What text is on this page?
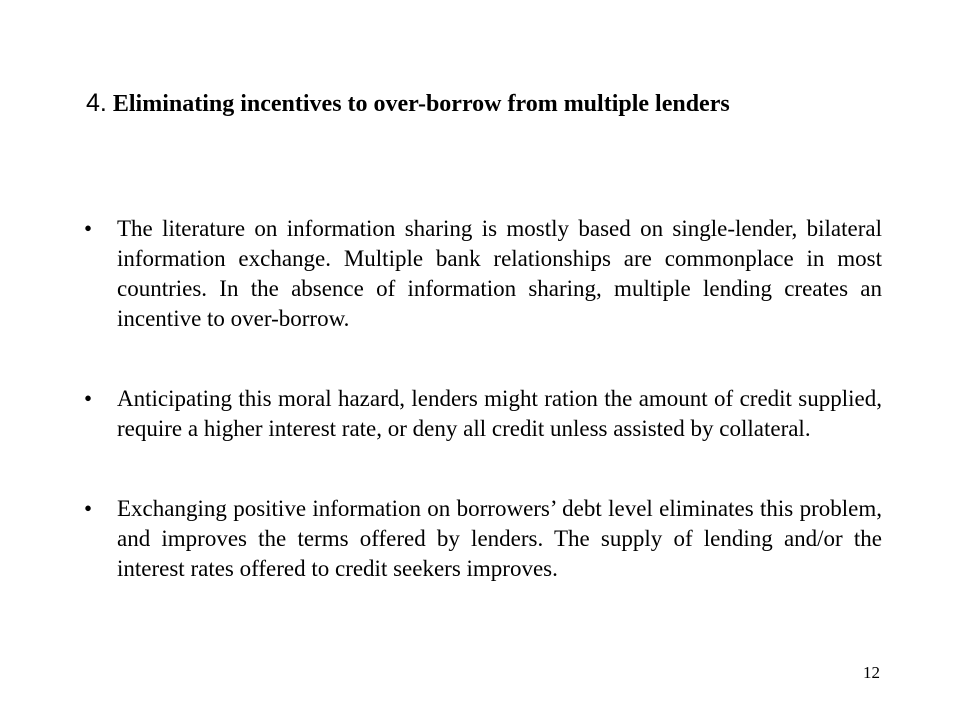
4. Eliminating incentives to over-borrow from multiple lenders
•	The literature on information sharing is mostly based on single-lender, bilateral information exchange. Multiple bank relationships are commonplace in most countries. In the absence of information sharing, multiple lending creates an incentive to over-borrow.
•	Anticipating this moral hazard, lenders might ration the amount of credit supplied, require a higher interest rate, or deny all credit unless assisted by collateral.
•	Exchanging positive information on borrowers’ debt level eliminates this problem, and improves the terms offered by lenders. The supply of lending and/or the interest rates offered to credit seekers improves.
12
